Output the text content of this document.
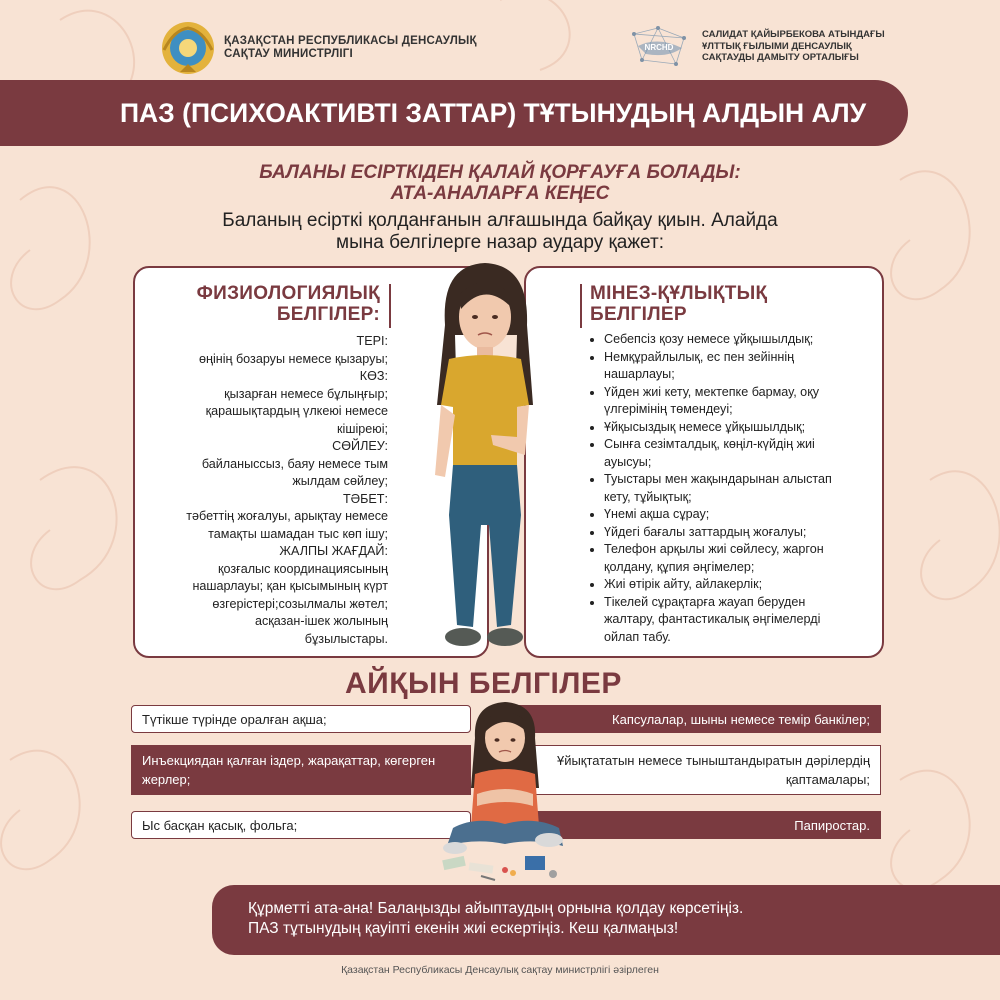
ҚАЗАҚСТАН РЕСПУБЛИКАСЫ ДЕНСАУЛЫҚ
САҚТАУ МИНИСТРЛІГІ
NRCHD
САЛИДАТ ҚАЙЫРБЕКОВА АТЫНДАҒЫ
ҰЛТТЫҚ ҒЫЛЫМИ ДЕНСАУЛЫҚ
САҚТАУДЫ ДАМЫТУ ОРТАЛЫҒЫ
ПАЗ (ПСИХОАКТИВТІ ЗАТТАР) ТҰТЫНУДЫҢ АЛДЫН АЛУ
БАЛАНЫ ЕСІРТКІДЕН ҚАЛАЙ ҚОРҒАУҒА БОЛАДЫ:
АТА-АНАЛАРҒА КЕҢЕС
Баланың есірткі қолданғанын алғашында байқау қиын. Алайда
мына белгілерге назар аудару қажет:
ФИЗИОЛОГИЯЛЫҚ
БЕЛГІЛЕР:
ТЕРІ:
өңінің бозаруы немесе қызаруы;
КӨЗ:
қызарған немесе бұлыңғыр;
қарашықтардың үлкеюі немесе
кішіреюі;
СӨЙЛЕУ:
байланыссыз, баяу немесе тым
жылдам сөйлеу;
ТӘБЕТ:
тәбеттің жоғалуы, арықтау немесе
тамақты шамадан тыс көп ішу;
ЖАЛПЫ ЖАҒДАЙ:
қозғалыс координациясының
нашарлауы; қан қысымының күрт
өзгерістері;созылмалы жөтел;
асқазан-ішек жолының
бұзылыстары.
МІНЕЗ-ҚҰЛЫҚТЫҚ
БЕЛГІЛЕР
• Себепсіз қозу немесе ұйқышылдық;
• Немқұрайлылық, ес пен зейіннің нашарлауы;
• Үйден жиі кету, мектепке бармау, оқу үлгерімінің төмендеуі;
• Ұйқысыздық немесе ұйқышылдық;
• Сынға сезімталдық, көңіл-күйдің жиі ауысуы;
• Туыстары мен жақындарынан алыстап кету, тұйықтық;
• Үнемі ақша сұрау;
• Үйдегі бағалы заттардың жоғалуы;
• Телефон арқылы жиі сөйлесу, жаргон қолдану, құпия әңгімелер;
• Жиі өтірік айту, айлакерлік;
• Тікелей сұрақтарға жауап беруден жалтару, фантастикалық әңгімелерді ойлап табу.
АЙҚЫН БЕЛГІЛЕР
Түтікше түрінде оралған ақша;
Инъекциядан қалған іздер, жарақаттар, көгерген жерлер;
Ыс басқан қасық, фольга;
Капсулалар, шыны немесе темір банкілер;
Ұйықтататын немесе тыныштандыратын дәрілердің қаптамалары;
Папиростар.
Құрметті ата-ана! Балаңызды айыптаудың орнына қолдау көрсетіңіз.
ПАЗ тұтынудың қауіпті екенін жиі ескертіңіз. Кеш қалмаңыз!
Қазақстан Республикасы Денсаулық сақтау министрлігі әзірлеген
